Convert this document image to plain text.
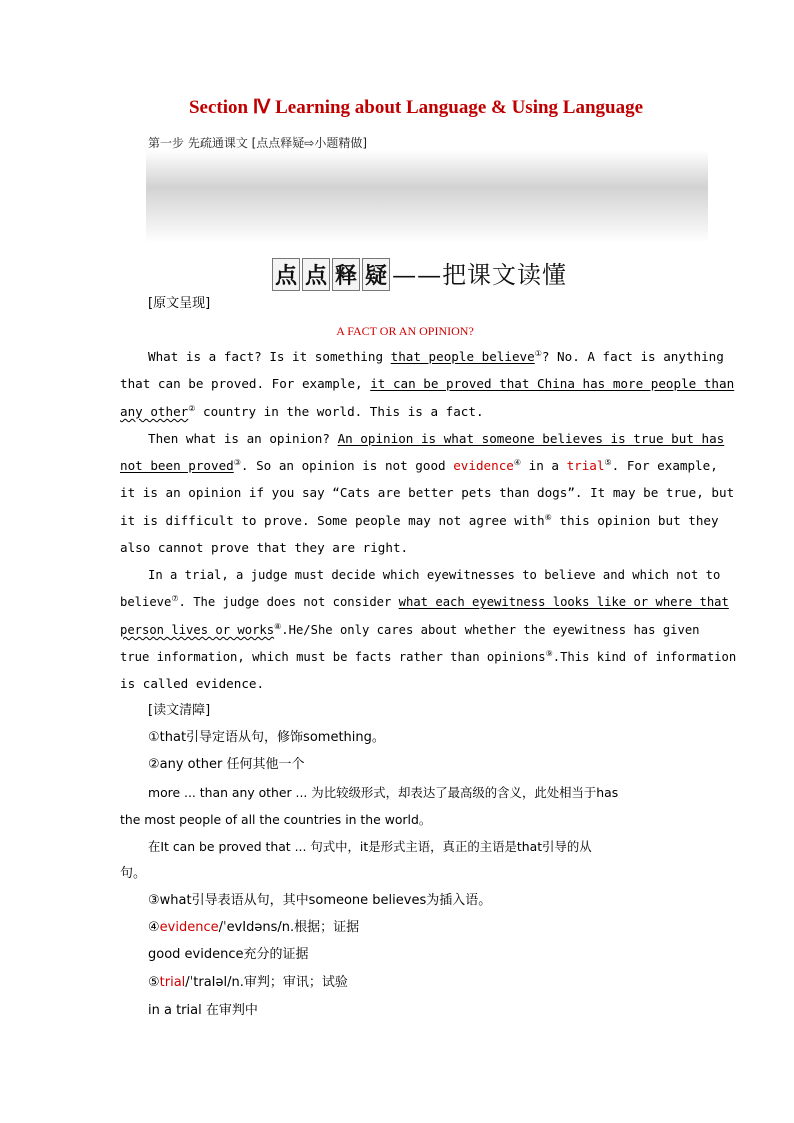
Section Ⅳ Learning about Language & Using Language
第一步 先疏通课文 [点点释疑⇨小题精做]
点 点 释 疑 ——把课文读懂
[原文呈现]
A FACT OR AN OPINION?
What is a fact? Is it something that people believe①? No. A fact is anything
that can be proved. For example, it can be proved that China has more people than
any other② country in the world. This is a fact.
Then what is an opinion? An opinion is what someone believes is true but has
not been proved③. So an opinion is not good evidence④ in a trial⑤. For example,
it is an opinion if you say “Cats are better pets than dogs”. It may be true, but
it is difficult to prove. Some people may not agree with⑥ this opinion but they
also cannot prove that they are right.
In a trial, a judge must decide which eyewitnesses to believe and which not to
believe⑦. The judge does not consider what each eyewitness looks like or where that
person lives or works⑧.He/She only cares about whether the eyewitness has given
true information, which must be facts rather than opinions⑨.This kind of information
is called evidence.
[读文清障]
①that引导定语从句，修饰something。
②any other 任何其他一个
more ... than any other ... 为比较级形式，却表达了最高级的含义，此处相当于has
the most people of all the countries in the world。
在It can be proved that ... 句式中，it是形式主语，真正的主语是that引导的从
句。
③what引导表语从句，其中someone believes为插入语。
④evidence/ˈevIdəns/n.根据；证据
good evidence充分的证据
⑤trial/ˈtraIəl/n.审判；审讯；试验
in a trial 在审判中
